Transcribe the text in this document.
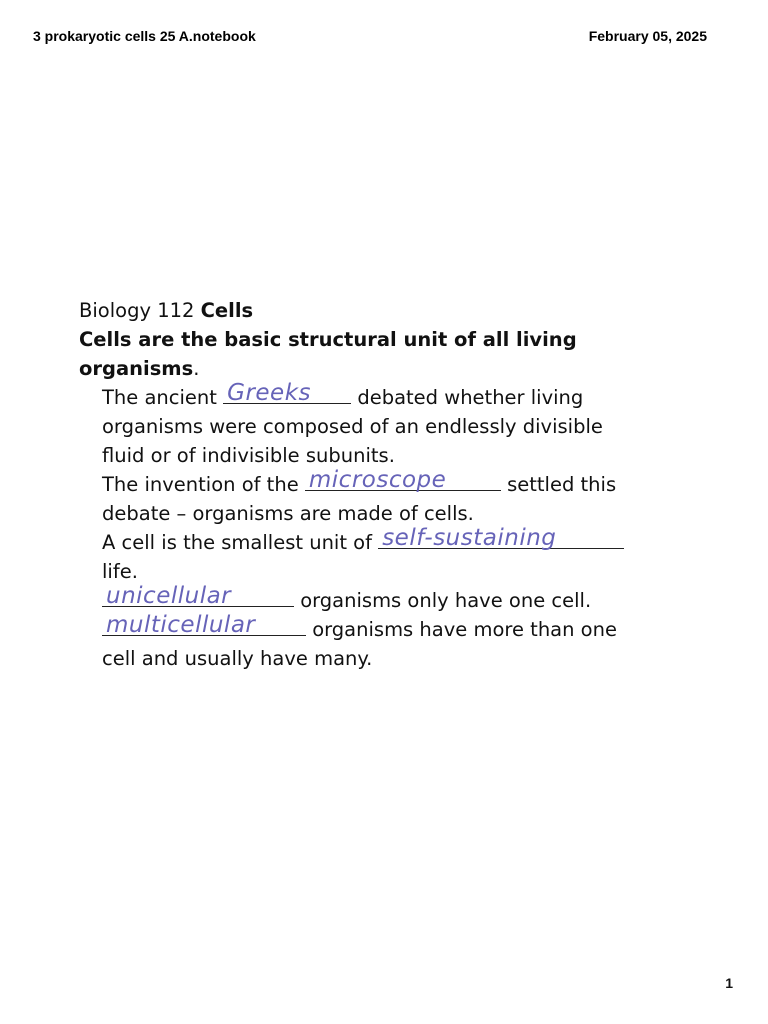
3 prokaryotic cells 25 A.notebook	February 05, 2025
Biology 112 Cells
Cells are the basic structural unit of all living
organisms.
The ancient Greeks debated whether living
organisms were composed of an endlessly divisible
fluid or of indivisible subunits.
The invention of the microscope	settled this
debate – organisms are made of cells.
A cell is the smallest unit of self-sustaining
life.
unicellular	organisms only have one cell.
multicellular	organisms have more than one
cell and usually have many.
1
